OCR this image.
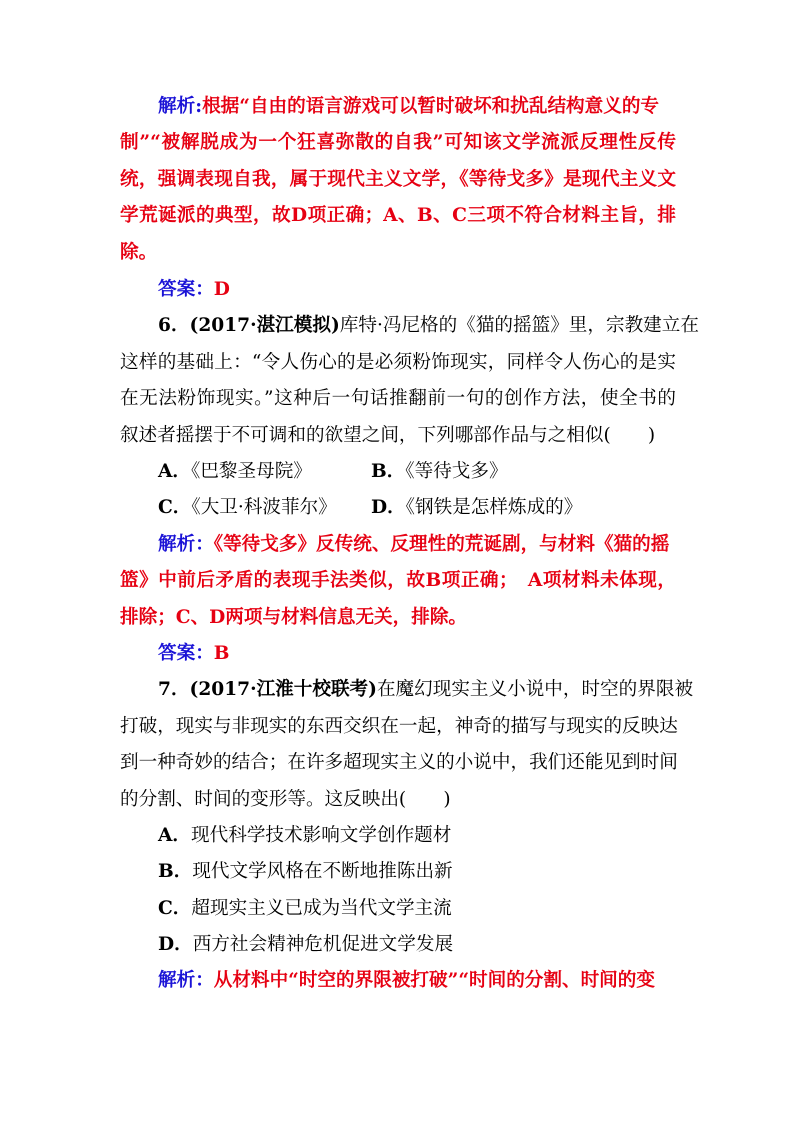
解析:根据“自由的语言游戏可以暂时破坏和扰乱结构意义的专
制”“被解脱成为一个狂喜弥散的自我”可知该文学流派反理性反传
统，强调表现自我，属于现代主义文学，《等待戈多》是现代主义文
学荒诞派的典型，故D项正确；A、B、C三项不符合材料主旨，排
除。
答案：D
6．(2017·湛江模拟)库特·冯尼格的《猫的摇篮》里，宗教建立在
这样的基础上：“令人伤心的是必须粉饰现实，同样令人伤心的是实
在无法粉饰现实。”这种后一句话推翻前一句的创作方法，使全书的
叙述者摇摆于不可调和的欲望之间，下列哪部作品与之相似(　　)
A．《巴黎圣母院》	B．《等待戈多》
C．《大卫·科波菲尔》 D．《钢铁是怎样炼成的》
解析：《等待戈多》反传统、反理性的荒诞剧，与材料《猫的摇
篮》中前后矛盾的表现手法类似，故B项正确；　A项材料未体现，
排除；C、D两项与材料信息无关，排除。
答案：B
7．(2017·江淮十校联考)在魔幻现实主义小说中，时空的界限被
打破，现实与非现实的东西交织在一起，神奇的描写与现实的反映达
到一种奇妙的结合；在许多超现实主义的小说中，我们还能见到时间
的分割、时间的变形等。这反映出(　　)
A．现代科学技术影响文学创作题材
B．现代文学风格在不断地推陈出新
C．超现实主义已成为当代文学主流
D．西方社会精神危机促进文学发展
解析：从材料中“时空的界限被打破”“时间的分割、时间的变
